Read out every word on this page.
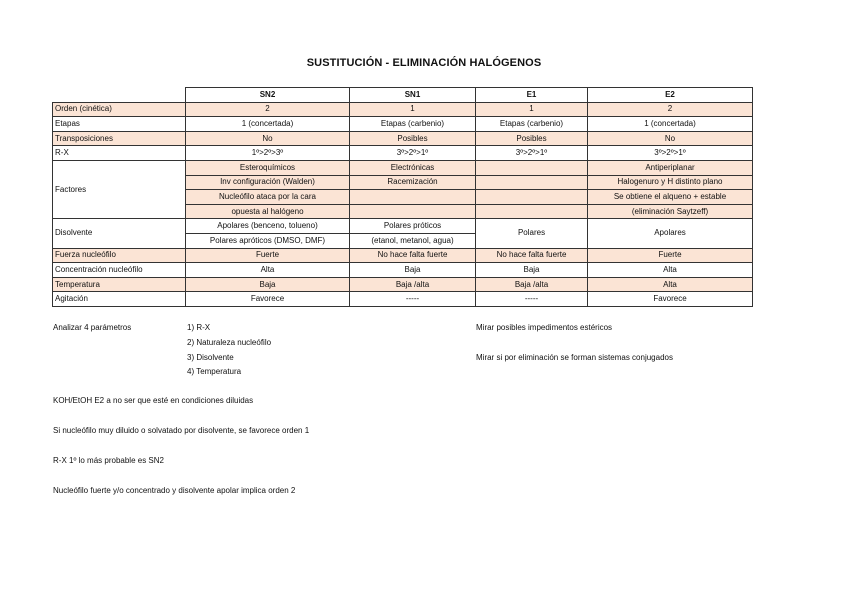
SUSTITUCIÓN - ELIMINACIÓN HALÓGENOS
	SN2	SN1	E1	E2
Orden (cinética)	2	1	1	2
Etapas	1 (concertada)	Etapas (carbenio)	Etapas (carbenio)	1 (concertada)
Transposiciones	No	Posibles	Posibles	No
R-X	1º>2º>3º	3º>2º>1º	3º>2º>1º	3º>2º>1º
Factores	Esteroquímicos	Electrónicas		Antiperiplanar
	Inv configuración (Walden)	Racemización		Halogenuro y H distinto plano
	Nucleófilo ataca por la cara			Se obtiene el alqueno + estable
	opuesta al halógeno			(eliminación Saytzeff)
Disolvente	Apolares (benceno, tolueno)	Polares próticos	Polares	Apolares
	Polares apróticos (DMSO, DMF)	(etanol, metanol, agua)		
Fuerza nucleófilo	Fuerte	No hace falta fuerte	No hace falta fuerte	Fuerte
Concentración nucleófilo	Alta	Baja	Baja	Alta
Temperatura	Baja	Baja /alta	Baja /alta	Alta
Agitación	Favorece	-----	-----	Favorece
Analizar 4 parámetros	1) R-X
2) Naturaleza nucleófilo
3) Disolvente
4) Temperatura
Mirar posibles impedimentos estéricos
Mirar si por eliminación se forman sistemas conjugados
KOH/EtOH E2 a no ser que esté en condiciones diluidas
Si nucleófilo muy diluido o solvatado por disolvente, se favorece orden 1
R-X 1º lo más probable es SN2
Nucleófilo fuerte y/o concentrado y disolvente apolar implica orden 2
